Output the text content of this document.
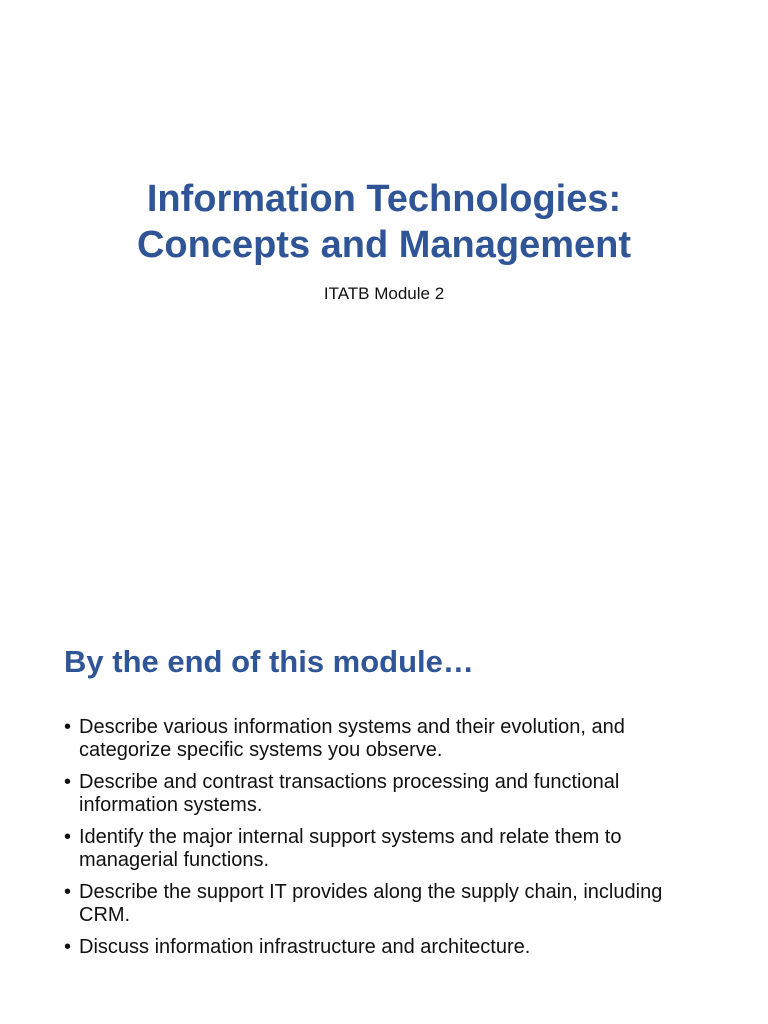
Information Technologies:
Concepts and Management

ITATB Module 2

By the end of this module…
• Describe various information systems and their evolution, and categorize specific systems you observe.
• Describe and contrast transactions processing and functional information systems.
• Identify the major internal support systems and relate them to managerial functions.
• Describe the support IT provides along the supply chain, including CRM.
• Discuss information infrastructure and architecture.
